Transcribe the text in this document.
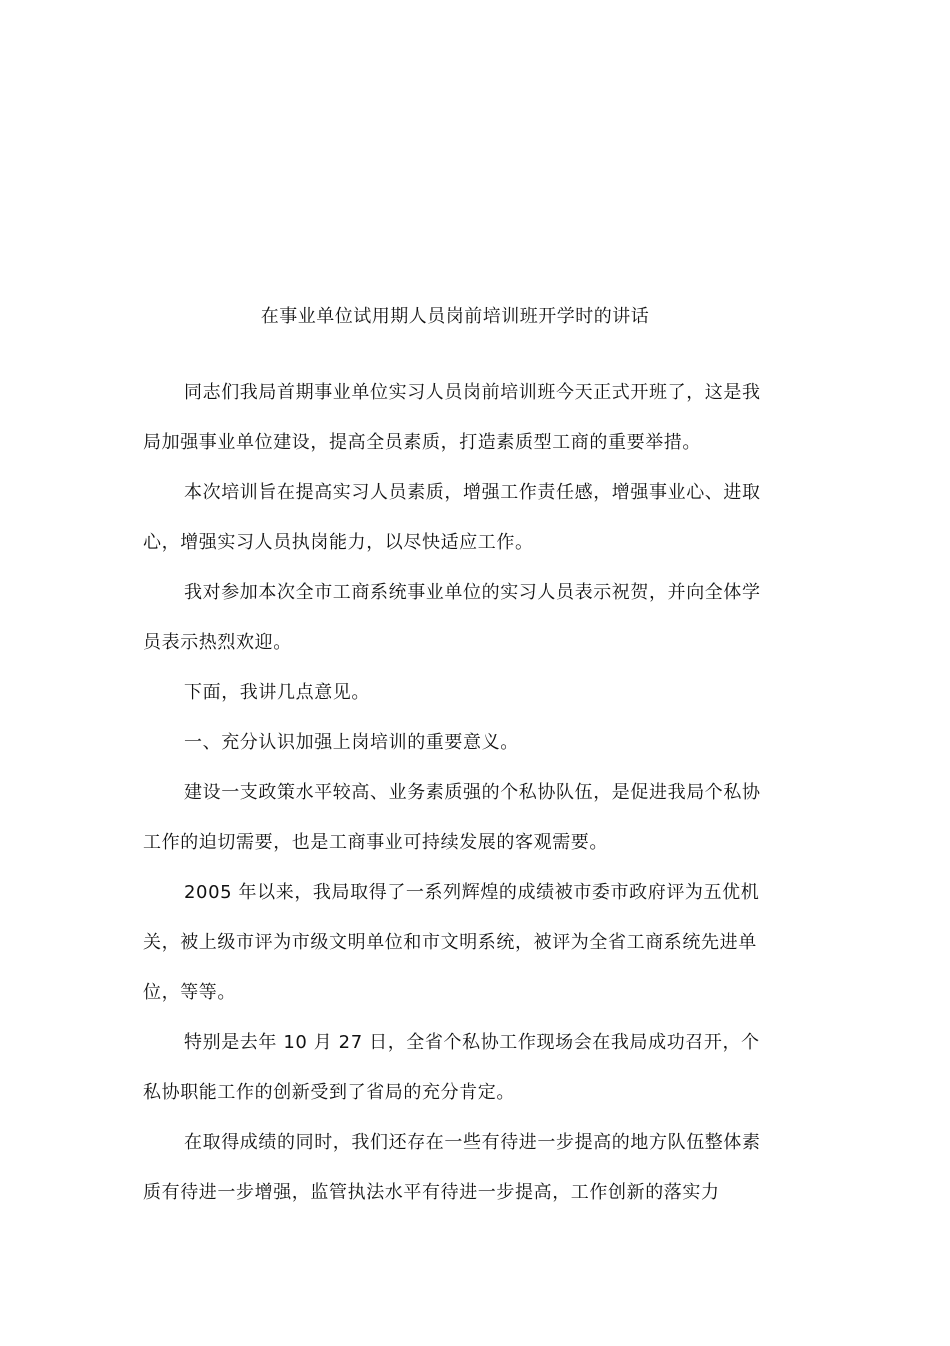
在事业单位试用期人员岗前培训班开学时的讲话

同志们我局首期事业单位实习人员岗前培训班今天正式开班了，这是我局加强事业单位建设，提高全员素质，打造素质型工商的重要举措。

本次培训旨在提高实习人员素质，增强工作责任感，增强事业心、进取心，增强实习人员执岗能力，以尽快适应工作。

我对参加本次全市工商系统事业单位的实习人员表示祝贺，并向全体学员表示热烈欢迎。

下面，我讲几点意见。

一、充分认识加强上岗培训的重要意义。

建设一支政策水平较高、业务素质强的个私协队伍，是促进我局个私协工作的迫切需要，也是工商事业可持续发展的客观需要。

2005 年以来，我局取得了一系列辉煌的成绩被市委市政府评为五优机关，被上级市评为市级文明单位和市文明系统，被评为全省工商系统先进单位，等等。

特别是去年 10 月 27 日，全省个私协工作现场会在我局成功召开，个私协职能工作的创新受到了省局的充分肯定。

在取得成绩的同时，我们还存在一些有待进一步提高的地方队伍整体素质有待进一步增强，监管执法水平有待进一步提高，工作创新的落实力
